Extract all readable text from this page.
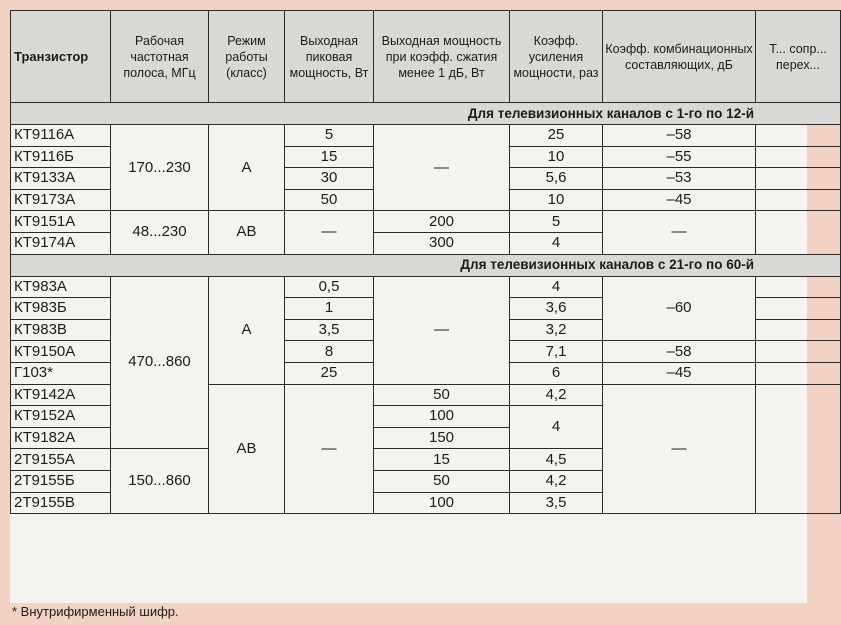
Транзистор	Рабочая частотная полоса, МГц	Режим работы (класс)	Выходная пиковая мощность, Вт	Выходная мощность при коэфф. сжатия менее 1 дБ, Вт	Коэфф. усиления мощности, раз	Коэфф. комбинационных составляющих, дБ	Т... сопр... перех...
Для телевизионных каналов с 1-го по 12-й							
КТ9116А	170...230	А	5	—	25	–58	
КТ9116Б			15		10	–55	
КТ9133А			30		5,6	–53	
КТ9173А			50		10	–45	
КТ9151А	48...230	АВ	—	200	5	—	
КТ9174А				300	4		
Для телевизионных каналов с 21-го по 60-й							
КТ983А	470...860	А	0,5	—	4	–60	
КТ983Б			1		3,6		
КТ983В			3,5		3,2		
КТ9150А			8		7,1	–58	
Г103*			25		6	–45	
КТ9142А		АВ	—	50	4,2	—	
КТ9152А				100	4		
КТ9182А				150			
2Т9155А	150...860			15	4,5		
2Т9155Б				50	4,2		
2Т9155В				100	3,5		
* Внутрифирменный шифр.
